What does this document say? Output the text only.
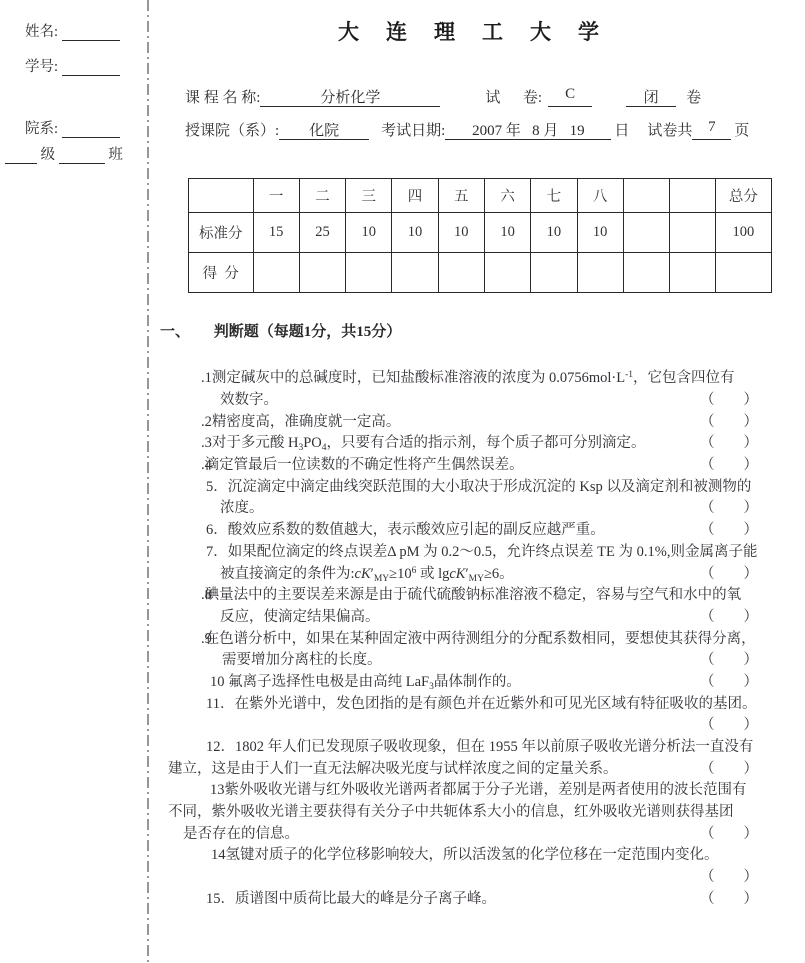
姓名:
学号:
院系:
级	班
大连理工大学
课 程 名 称:	分析化学	试      卷:	C	闭	卷
授课院（系）:	化院	考试日期:	2007 年   8 月   19	日 试卷共	7	页
	一	二	三	四	五	六	七	八			总分
标准分	15	25	10	10	10	10	10	10			100
得  分											
一、 判断题（每题1分，共15分）
.1测定碱灰中的总碱度时，已知盐酸标准溶液的浓度为 $0.0756mol\cdot L^{-1}$，它包含四位有
效数字。	（ ）
.2精密度高，准确度就一定高。	（ ）
.3对于多元酸 $H_3PO_4$，只要有合适的指示剂，每个质子都可分别滴定。	（ ）
.滴定管最后一位读数的不确定性将产生偶然误差。	（ ）
5．沉淀滴定中滴定曲线突跃范围的大小取决于形成沉淀的 Ksp 以及滴定剂和被测物的
浓度。	（ ）
6．酸效应系数的数值越大，表示酸效应引起的副反应越严重。	（ ）
7．如果配位滴定的终点误差Δ pM 为 0.2～0.5，允许终点误差 TE 为 0.1%,则金属离子能
被直接滴定的条件为$:cK'_{MY}\ge 10^6$ 或 $lgcK'_{MY}\ge 6$。	（ ）
.碘量法中的主要误差来源是由于硫代硫酸钠标准溶液不稳定，容易与空气和水中的氧
反应，使滴定结果偏高。	（ ）
.在色谱分析中，如果在某种固定液中两待测组分的分配系数相同，要想使其获得分离，
需要增加分离柱的长度。	（ ）
10 氟离子选择性电极是由高纯 LaF$_3$晶体制作的。	（ ）
11．在紫外光谱中，发色团指的是有颜色并在近紫外和可见光区域有特征吸收的基团。
（ ）
12．1802 年人们已发现原子吸收现象，但在 1955 年以前原子吸收光谱分析法一直没有
建立，这是由于人们一直无法解决吸光度与试样浓度之间的定量关系。	（ ）
13紫外吸收光谱与红外吸收光谱两者都属于分子光谱，差别是两者使用的波长范围有
不同，紫外吸收光谱主要获得有关分子中共轭体系大小的信息，红外吸收光谱则获得基团
是否存在的信息。	（ ）
14氢键对质子的化学位移影响较大，所以活泼氢的化学位移在一定范围内变化。
（ ）
15．质谱图中质荷比最大的峰是分子离子峰。	（ ）
